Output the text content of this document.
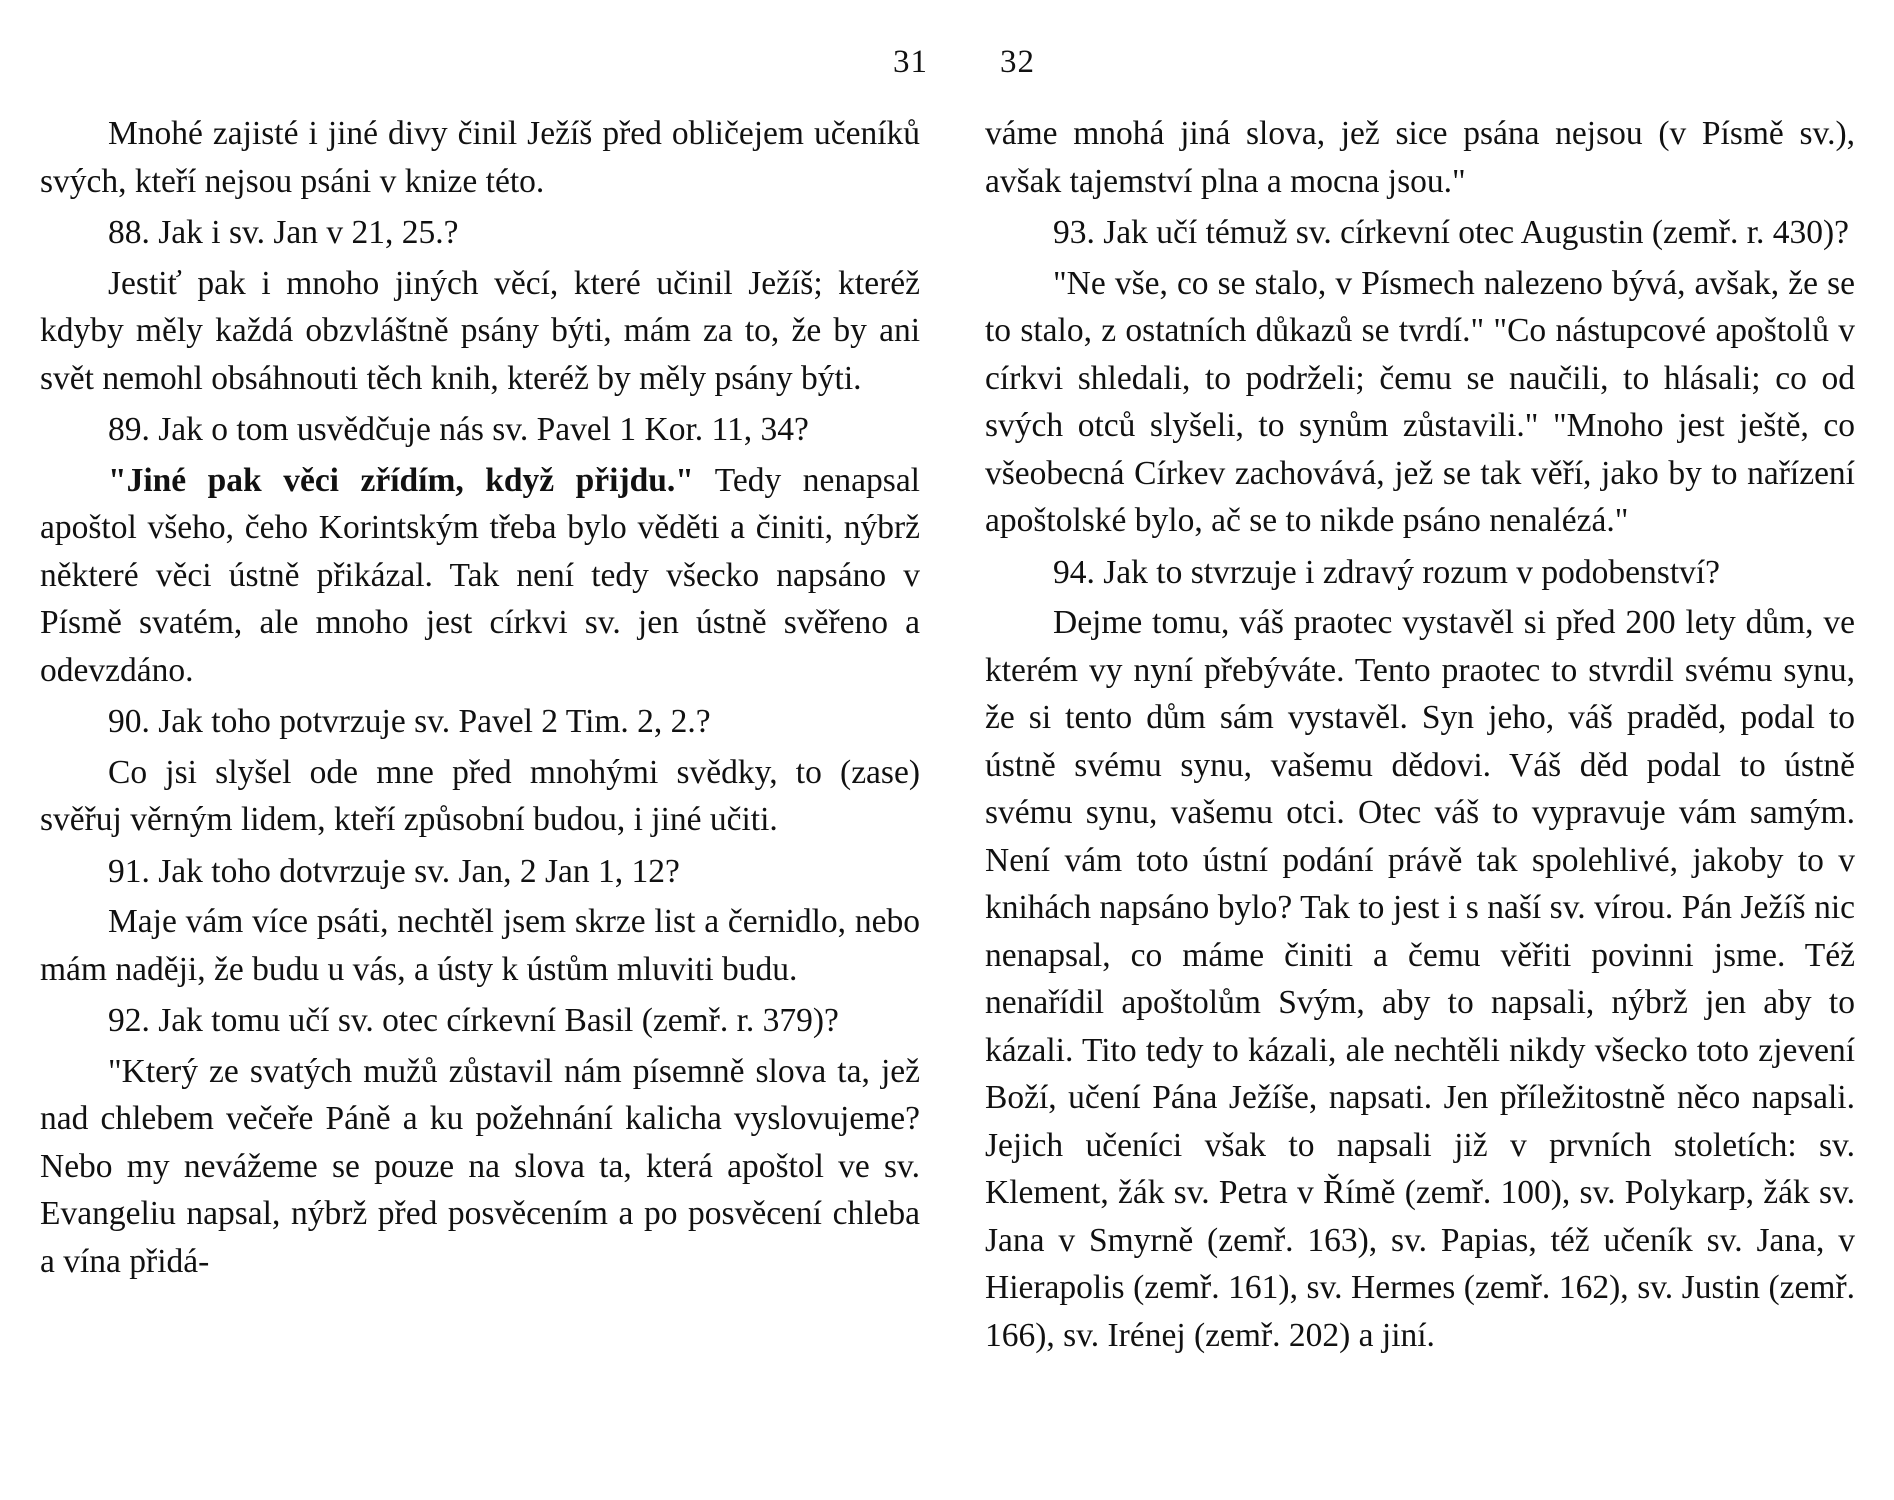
31

Mnohé zajisté i jiné divy činil Ježíš před obličejem učeníků svých, kteří nejsou psáni v knize této.

88. Jak i sv. Jan v 21, 25.?

Jestiť pak i mnoho jiných věcí, které učinil Ježíš; kteréž kdyby měly každá obzvláštně psány býti, mám za to, že by ani svět nemohl obsáhnouti těch knih, kteréž by měly psány býti.

89. Jak o tom usvědčuje nás sv. Pavel 1 Kor. 11, 34?

"Jiné pak věci zřídím, když přijdu." Tedy nenapsal apoštol všeho, čeho Korintským třeba bylo věděti a činiti, nýbrž některé věci ústně přikázal. Tak není tedy všecko napsáno v Písmě svatém, ale mnoho jest církvi sv. jen ústně svěřeno a odevzdáno.

90. Jak toho potvrzuje sv. Pavel 2 Tim. 2, 2.?

Co jsi slyšel ode mne před mnohými svědky, to (zase) svěřuj věrným lidem, kteří způsobní budou, i jiné učiti.

91. Jak toho dotvrzuje sv. Jan, 2 Jan 1, 12?

Maje vám více psáti, nechtěl jsem skrze list a černidlo, nebo mám naději, že budu u vás, a ústy k ústům mluviti budu.

92. Jak tomu učí sv. otec církevní Basil (zemř. r. 379)?

"Který ze svatých mužů zůstavil nám písemně slova ta, jež nad chlebem večeře Páně a ku požehnání kalicha vyslovujeme? Nebo my nevážeme se pouze na slova ta, která apoštol ve sv. Evangeliu napsal, nýbrž před posvěcením a po posvěcení chleba a vína přidá-

32

váme mnohá jiná slova, jež sice psána nejsou (v Písmě sv.), avšak tajemství plna a mocna jsou."

93. Jak učí témuž sv. církevní otec Augustin (zemř. r. 430)?

"Ne vše, co se stalo, v Písmech nalezeno bývá, avšak, že se to stalo, z ostatních důkazů se tvrdí." "Co nástupcové apoštolů v církvi shledali, to podrželi; čemu se naučili, to hlásali; co od svých otců slyšeli, to synům zůstavili." "Mnoho jest ještě, co všeobecná Církev zachovává, jež se tak věří, jako by to nařízení apoštolské bylo, ač se to nikde psáno nenalézá."

94. Jak to stvrzuje i zdravý rozum v podobenství?

Dejme tomu, váš praotec vystavěl si před 200 lety dům, ve kterém vy nyní přebýváte. Tento praotec to stvrdil svému synu, že si tento dům sám vystavěl. Syn jeho, váš praděd, podal to ústně svému synu, vašemu dědovi. Váš děd podal to ústně svému synu, vašemu otci. Otec váš to vypravuje vám samým. Není vám toto ústní podání právě tak spolehlivé, jakoby to v knihách napsáno bylo? Tak to jest i s naší sv. vírou. Pán Ježíš nic nenapsal, co máme činiti a čemu věřiti povinni jsme. Též nenařídil apoštolům Svým, aby to napsali, nýbrž jen aby to kázali. Tito tedy to kázali, ale nechtěli nikdy všecko toto zjevení Boží, učení Pána Ježíše, napsati. Jen příležitostně něco napsali. Jejich učeníci však to napsali již v prvních stoletích: sv. Klement, žák sv. Petra v Římě (zemř. 100), sv. Polykarp, žák sv. Jana v Smyrně (zemř. 163), sv. Papias, též učeník sv. Jana, v Hierapolis (zemř. 161), sv. Hermes (zemř. 162), sv. Justin (zemř. 166), sv. Irénej (zemř. 202) a jiní.
